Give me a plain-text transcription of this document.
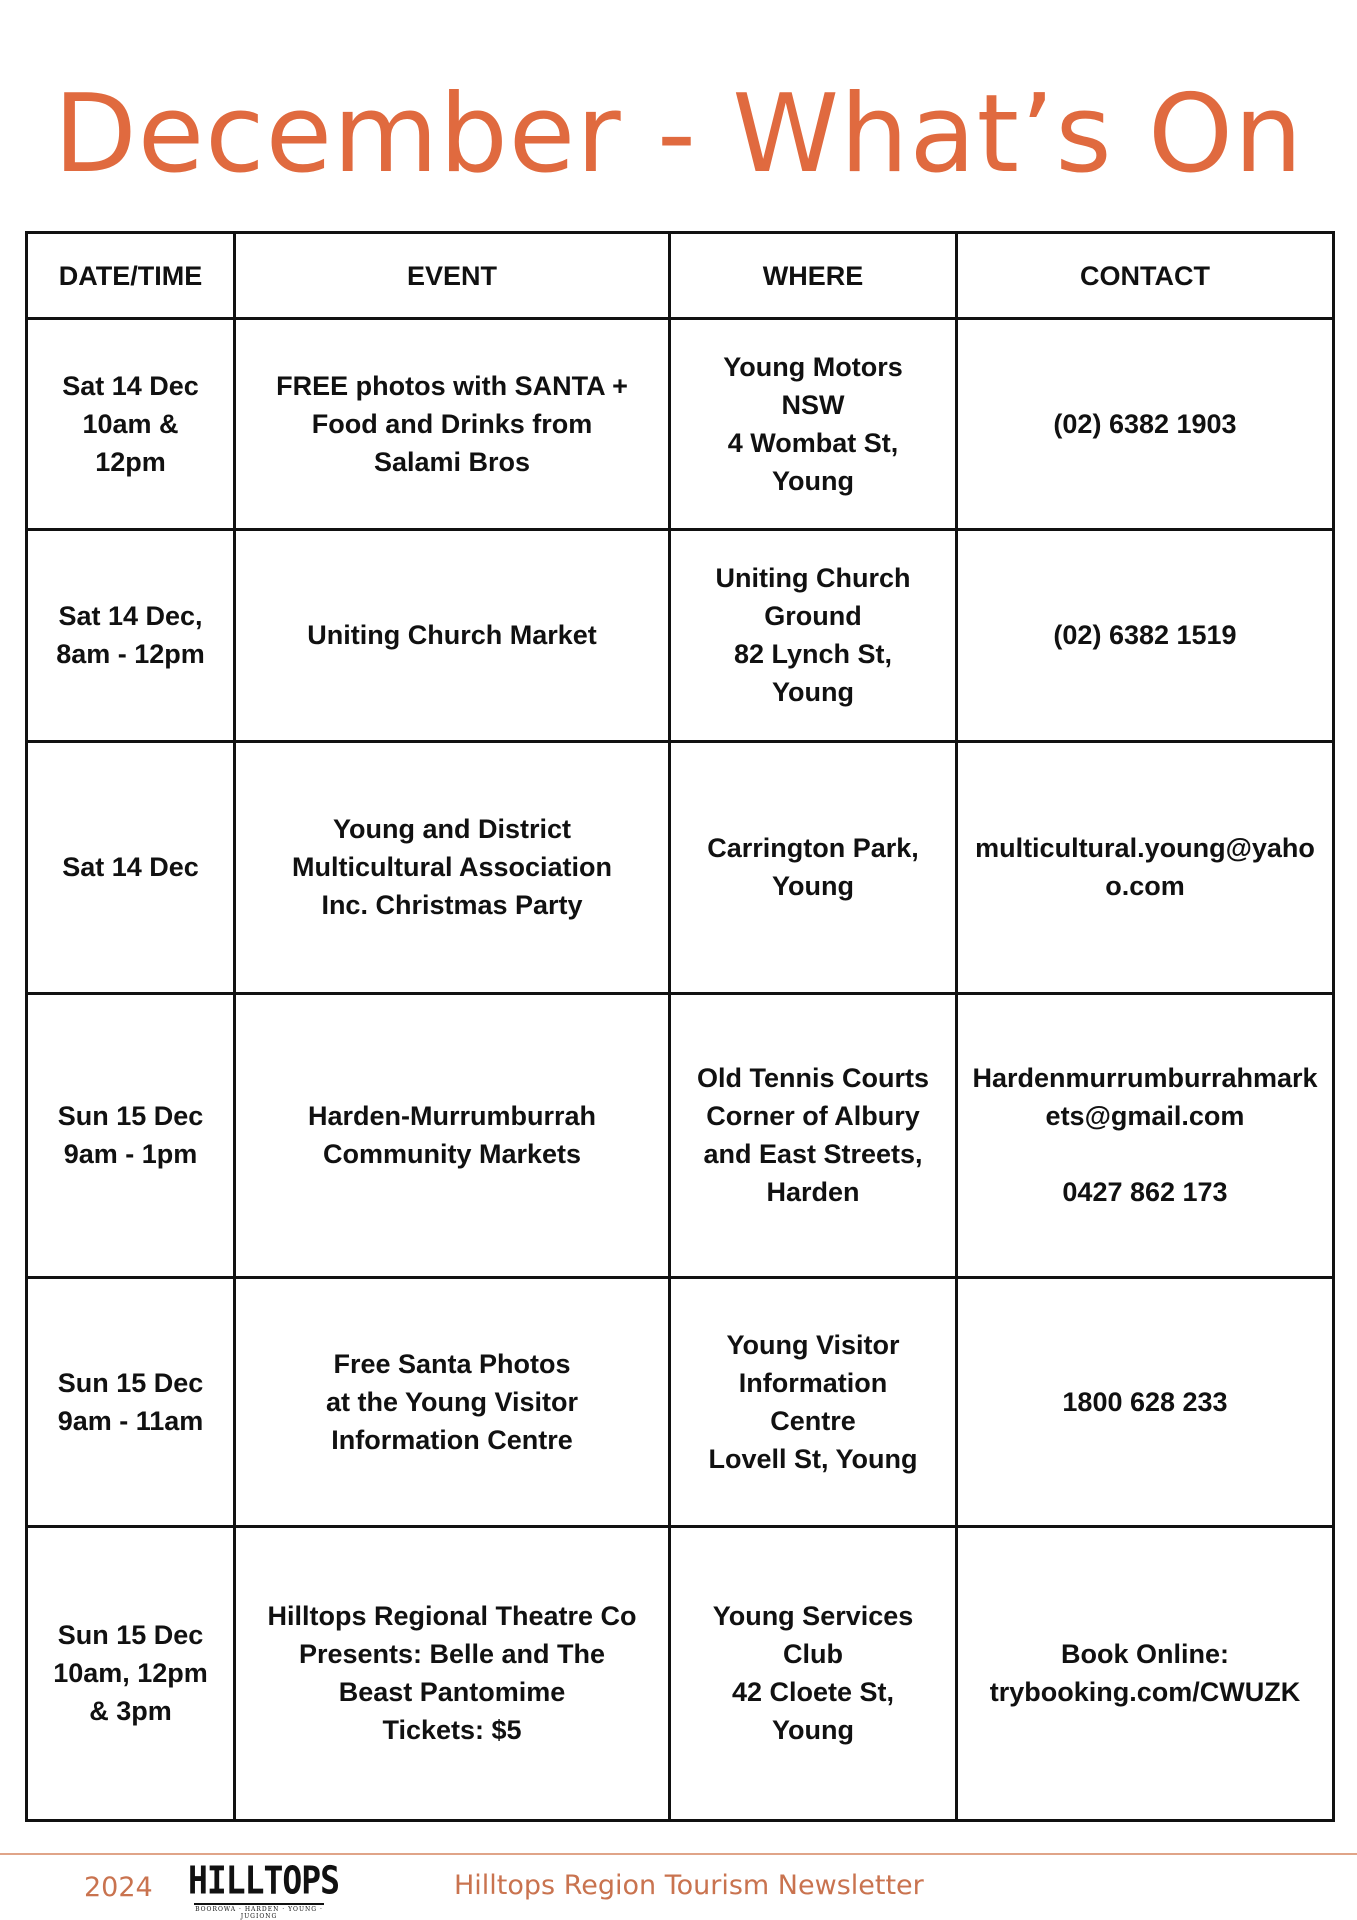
December - What’s On
DATE/TIME	EVENT	WHERE	CONTACT
Sat 14 Dec
10am &
12pm	FREE photos with SANTA +
Food and Drinks from
Salami Bros	Young Motors
NSW
4 Wombat St,
Young	(02) 6382 1903
Sat 14 Dec,
8am - 12pm	Uniting Church Market	Uniting Church
Ground
82 Lynch St,
Young	(02) 6382 1519
Sat 14 Dec	Young and District
Multicultural Association
Inc. Christmas Party	Carrington Park,
Young	multicultural.young@yahoo.com
Sun 15 Dec
9am - 1pm	Harden-Murrumburrah
Community Markets	Old Tennis Courts
Corner of Albury
and East Streets,
Harden	Hardenmurrumburrahmarkets@gmail.com

0427 862 173
Sun 15 Dec
9am - 11am	Free Santa Photos
at the Young Visitor
Information Centre	Young Visitor
Information
Centre
Lovell St, Young	1800 628 233
Sun 15 Dec
10am, 12pm
& 3pm	Hilltops Regional Theatre Co
Presents: Belle and The
Beast Pantomime
Tickets: $5	Young Services
Club
42 Cloete St,
Young	Book Online:
trybooking.com/CWUZK
2024 HILLTOPS
BOOROWA · HARDEN · YOUNG · JUGIONG
Hilltops Region Tourism Newsletter
